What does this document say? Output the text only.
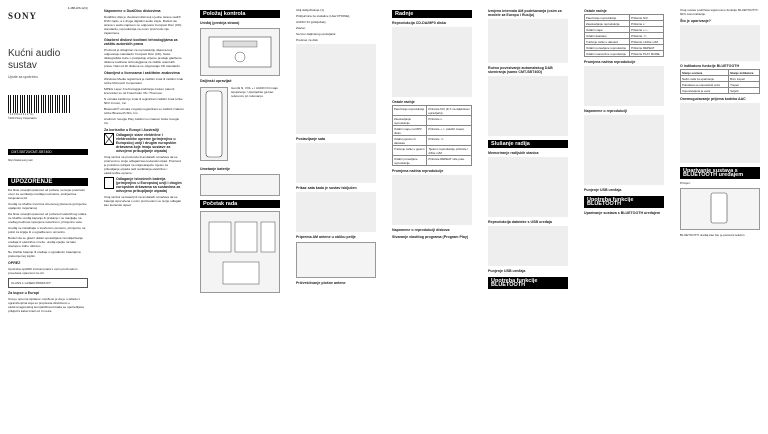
4-488-226-12(1)
SONY
Kućni audio sustav
Upute za upotrebu
* 4 4 8 8 2 2 6 1 2 *(1)
©2014 Sony Corporation
CMT-SBT20/CMT-SBT40D
http://www.sony.net/
UPOZORENJE
Da biste smanjili opasnost od požara, nemojte prekrivati otvor za ventilaciju uređaja novinama, stolnjacima, zavjesama itd.
Uređaj ne izlažite izvorima otvorenog plamena (primjerice upaljenim svijećama).
Da biste smanjili opasnost od požara ili električnog udara, ne izlažite uređaj kapanju ili prskanju i ne stavljajte na uređaj predmete ispunjene tekućinom, primjerice vaze.
Uređaj ne instalirajte u skučenom prostoru, primjerice na polici za knjige ili u ugradbenom ormariću.
Budući da se glavni utikač upotrebljava za isključivanje uređaja iz električne mreže, uređaj spojite na lako dostupnu zidnu utičnicu.
Ne izlažite baterije ili uređaje s ugrađenim baterijama prekomjernoj toplini.
OPREZ
Upotreba optičkih instrumenata s ovim proizvodom povećava opasnost za oči.
CLASS 1 LASER PRODUCT
Za kupce u Europi
Ova je oprema ispitana i utvrđeno je da je u skladu s ograničenjima koja su propisana direktivom o elektromagnetskoj kompatibilnosti kada se upotrebljava priključni kabel kraći od 3 metra.
Napomene o DualDisc diskovima
DualDisc disk je dvostrani disk koji s jedne strane sadrži DVD zapis, a s druge digitalni audio zapis. Budući da strana s audio zapisom ne odgovara Compact Disc (CD) standardu, reprodukcija na ovom proizvodu nije zajamčena.
Glazbeni diskovi kodirani tehnologijama za zaštitu autorskih prava
Proizvod je dizajniran za reprodukciju diskova koji odgovaraju standardu Compact Disc (CD). Neke diskografske kuće u posljednje vrijeme prodaju glazbene diskove kodirane tehnologijama za zaštitu autorskih prava. Neki od tih diskova ne odgovaraju CD standardu.
Obavijest o licencama i zaštitnim znakovima
Windows Media registrirani je zaštitni znak ili zaštitni znak tvrtke Microsoft Corporation.
MPEG Layer-3 tehnologija kodiranja zvuka i patenti licencirani su od Fraunhofer IIS i Thomson.
N oznaka zaštitni je znak ili registrirani zaštitni znak tvrtke NFC Forum, Inc.
Bluetooth® oznaka i logotipi registrirani su zaštitni znakovi tvrtke Bluetooth SIG, Inc.
Android i Google Play zaštitni su znakovi tvrtke Google Inc.
Za korisnike u Europi i Australiji
Odlaganje stare električne i elektroničke opreme (primjenjivo u Europskoj uniji i drugim europskim državama koje imaju sustave za odvojeno prikupljanje otpada)
Ovaj simbol na proizvodu ili ambalaži označava da se proizvod ne smije odlagati kao kućanski otpad. Proizvod je potrebno odnijeti na odgovarajuće mjesto za prikupljanje otpada radi recikliranja električne i elektroničke opreme.
Odlaganje istrošenih baterija (primjenjivo u Europskoj uniji i drugim europskim državama sa sustavima za odvojeno prikupljanje otpada)
Ovaj simbol na bateriji ili na ambalaži označava da se baterija isporučena s ovim proizvodom ne smije odlagati kao kućanski otpad.
Položaj kontrola
Uređaj (prednja strana)
Daljinski upravljač
Gumbi N, VOL + i AUDIO IN imaju ispupčenje. Upotrijebite ga kao referencu pri rukovanju.
Umetanje baterije
Početak rada
Uklj./isključivanje (1)
Priključnica za slušalice (Ulaz PHONE)
AUDIO IN (priključak)
Zaslon
Senzor daljinskog upravljača
Pretinac za disk
Postavljanje sata
Prikaz sata kada je sustav isključen
Priprema AM antene u obliku petlje
Pričvršćivanje plošne antene
Radnje
Reprodukcija CD-DA/MP3 diska
Ostale radnje
Pauziranje reprodukcije	Pritisnite N/X (ili X na daljinskom upravljaču).
Zaustavljanje reprodukcije	Pritisnite x.
Odabir mape na MP3 disku	Pritisnite + /– (odabir mape).
Odabir pjesme ili datoteke	Pritisnite ./>.
Traženje točke u pjesmi	Tijekom reprodukcije pritisnite i držite m/M.
Odabir ponavljane reprodukcije	Pritisnite REPEAT više puta.
Promjena načina reprodukcije
Napomene o reprodukciji diskova
Stvaranje vlastitog programa (Program Play)
Izmjena intervala AM podešavanja (osim za modele za Europu i Rusiju)
Ručno povezivanje automatskog DAB skeniranja (samo CMT-SBT40D)
Slušanje radija
Memoriranje radijskih stanica
Reprodukcija datoteke s USB uređaja
Punjenje USB uređaja
Upotreba funkcije BLUETOOTH
Ostale radnje
Pauziranje reprodukcije	Pritisnite N/X.
Zaustavljanje reprodukcije	Pritisnite x.
Odabir mape	Pritisnite + /–.
Odabir datoteke	Pritisnite ./>.
Traženje točke u datoteci	Pritisnite i držite m/M.
Odabir ponavljane reprodukcije	Pritisnite REPEAT.
Odabir nasumične reprodukcije	Pritisnite PLAY MODE.
Promjena načina reprodukcije
Napomene o reprodukciji
Punjenje USB uređaja
Upotreba funkcije BLUETOOTH
Uparivanje sustava s BLUETOOTH uređajem
Ovaj sustav podržava sigurnosnu funkciju BLUETOOTH i NFC komunikaciju.
Što je uparivanje?
O indikatoru funkcije BLUETOOTH
Stanje sustava	Stanje indikatora
Način rada za uparivanje	Brzo treperi
Pokušava se uspostaviti veza	Treperi
Uspostavljena je veza	Svijetli
Onemogućavanje prijema kodeka AAC
Uparivanje sustava s BLUETOOTH uređajem
Primjer:
BLUETOOTH uređaj kao što je pametni telefon
